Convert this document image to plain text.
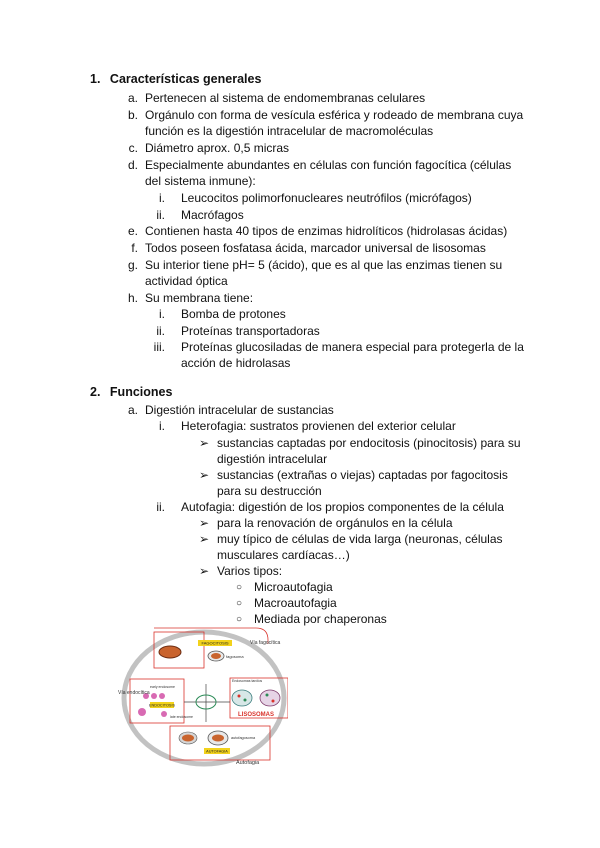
1. Características generales
a. Pertenecen al sistema de endomembranas celulares
b. Orgánulo con forma de vesícula esférica y rodeado de membrana cuya
función es la digestión intracelular de macromoléculas
c. Diámetro aprox. 0,5 micras
d. Especialmente abundantes en células con función fagocítica (células
del sistema inmune):
i. Leucocitos polimorfonucleares neutrófilos (micrófagos)
ii. Macrófagos
e. Contienen hasta 40 tipos de enzimas hidrolíticos (hidrolasas ácidas)
f. Todos poseen fosfatasa ácida, marcador universal de lisosomas
g. Su interior tiene pH= 5 (ácido), que es al que las enzimas tienen su
actividad óptica
h. Su membrana tiene:
i. Bomba de protones
ii. Proteínas transportadoras
iii. Proteínas glucosiladas de manera especial para protegerla de la
acción de hidrolasas
2. Funciones
a. Digestión intracelular de sustancias
i. Heterofagia: sustratos provienen del exterior celular
➢ sustancias captadas por endocitosis (pinocitosis) para su
digestión intracelular
➢ sustancias (extrañas o viejas) captadas por fagocitosis
para su destrucción
ii. Autofagia: digestión de los propios componentes de la célula
➢ para la renovación de orgánulos en la célula
➢ muy típico de células de vida larga (neuronas, células
musculares cardíacas…)
➢ Varios tipos:
○ Microautofagia
○ Macroautofagia
○ Mediada por chaperonas
FAGOCITOSIS
fagosoma
Vía fagocítica
early endosome
ENDOCITOSIS
late endosome
Vía endocítica
Endosomas tardíos
LISOSOMAS
autofagosoma
AUTOFAGIA
Autofagia
